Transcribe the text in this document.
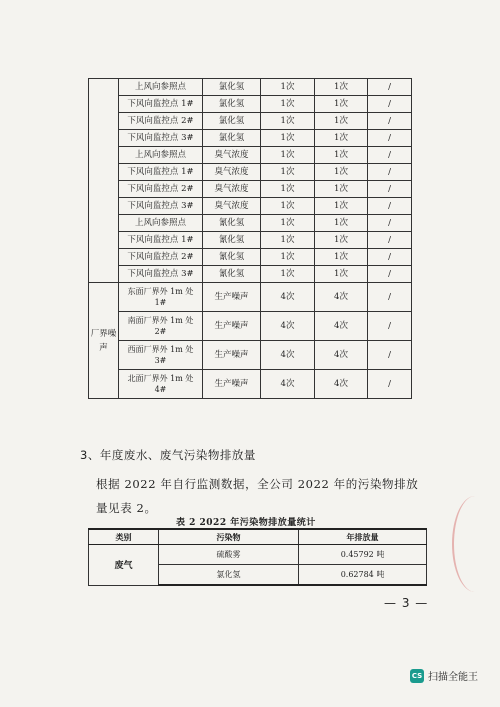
	上风向参照点	氯化氢	1次	1次	/
	下风向监控点 1#	氯化氢	1次	1次	/
	下风向监控点 2#	氯化氢	1次	1次	/
	下风向监控点 3#	氯化氢	1次	1次	/
	上风向参照点	臭气浓度	1次	1次	/
	下风向监控点 1#	臭气浓度	1次	1次	/
	下风向监控点 2#	臭气浓度	1次	1次	/
	下风向监控点 3#	臭气浓度	1次	1次	/
	上风向参照点	氰化氢	1次	1次	/
	下风向监控点 1#	氰化氢	1次	1次	/
	下风向监控点 2#	氰化氢	1次	1次	/
	下风向监控点 3#	氰化氢	1次	1次	/
厂界噪声	东面厂界外 1m 处 1#	生产噪声	4次	4次	/
	南面厂界外 1m 处 2#	生产噪声	4次	4次	/
	西面厂界外 1m 处 3#	生产噪声	4次	4次	/
	北面厂界外 1m 处 4#	生产噪声	4次	4次	/
3、年度废水、废气污染物排放量
根据 2022 年自行监测数据，全公司 2022 年的污染物排放量见表 2。
表 2 2022 年污染物排放量统计
类别	污染物	年排放量
废气	硫酸雾	0.45792 吨
	氯化氢	0.62784 吨
— 3 —
CS 扫描全能王
